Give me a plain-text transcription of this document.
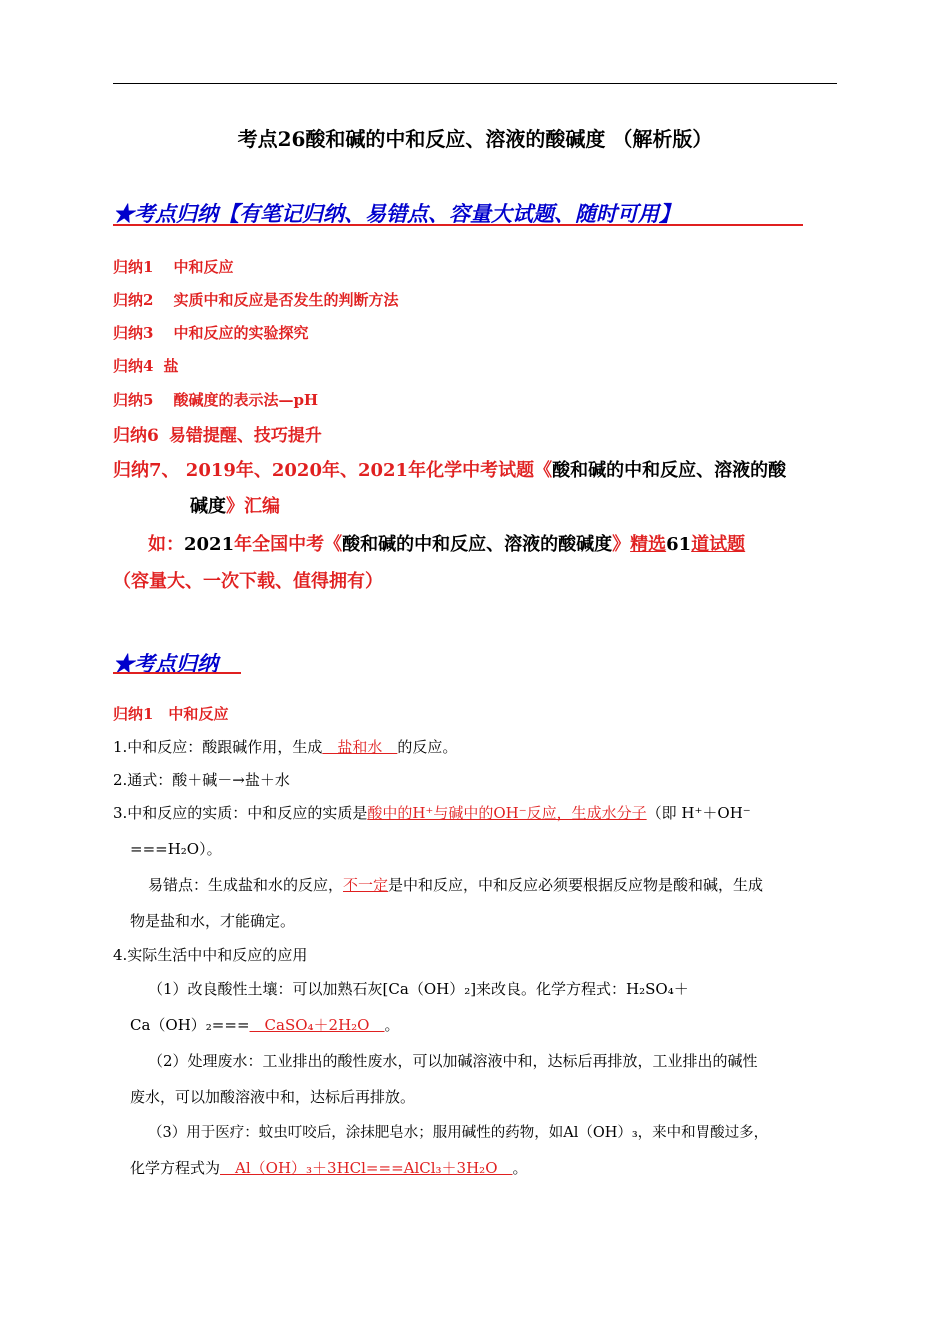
考点26酸和碱的中和反应、溶液的酸碱度 （解析版）
★考点归纳【有笔记归纳、易错点、容量大试题、随时可用】
归纳1 中和反应
归纳2 实质中和反应是否发生的判断方法
归纳3 中和反应的实验探究
归纳4 盐
归纳5 酸碱度的表示法—pH
归纳6 易错提醒、技巧提升
归纳7、 2019年、2020年、2021年化学中考试题《酸和碱的中和反应、溶液的酸
碱度》汇编
如：2021年全国中考《酸和碱的中和反应、溶液的酸碱度》精选61道试题
（容量大、一次下载、值得拥有）
★考点归纳
归纳1　中和反应
1.中和反应：酸跟碱作用，生成　盐和水　的反应。
2.通式：酸＋碱－→盐＋水
3.中和反应的实质：中和反应的实质是酸中的H⁺与碱中的OH⁻反应，生成水分子（即 H⁺＋OH⁻
===H₂O）。
易错点：生成盐和水的反应，不一定是中和反应，中和反应必须要根据反应物是酸和碱，生成
物是盐和水，才能确定。
4.实际生活中中和反应的应用
（1）改良酸性土壤：可以加熟石灰[Ca（OH）₂]来改良。化学方程式：H₂SO₄＋
Ca（OH）₂===　CaSO₄＋2H₂O　。
（2）处理废水：工业排出的酸性废水，可以加碱溶液中和，达标后再排放，工业排出的碱性
废水，可以加酸溶液中和，达标后再排放。
（3）用于医疗：蚊虫叮咬后，涂抹肥皂水；服用碱性的药物，如Al（OH）₃，来中和胃酸过多，
化学方程式为　Al（OH）₃＋3HCl===AlCl₃＋3H₂O　。
